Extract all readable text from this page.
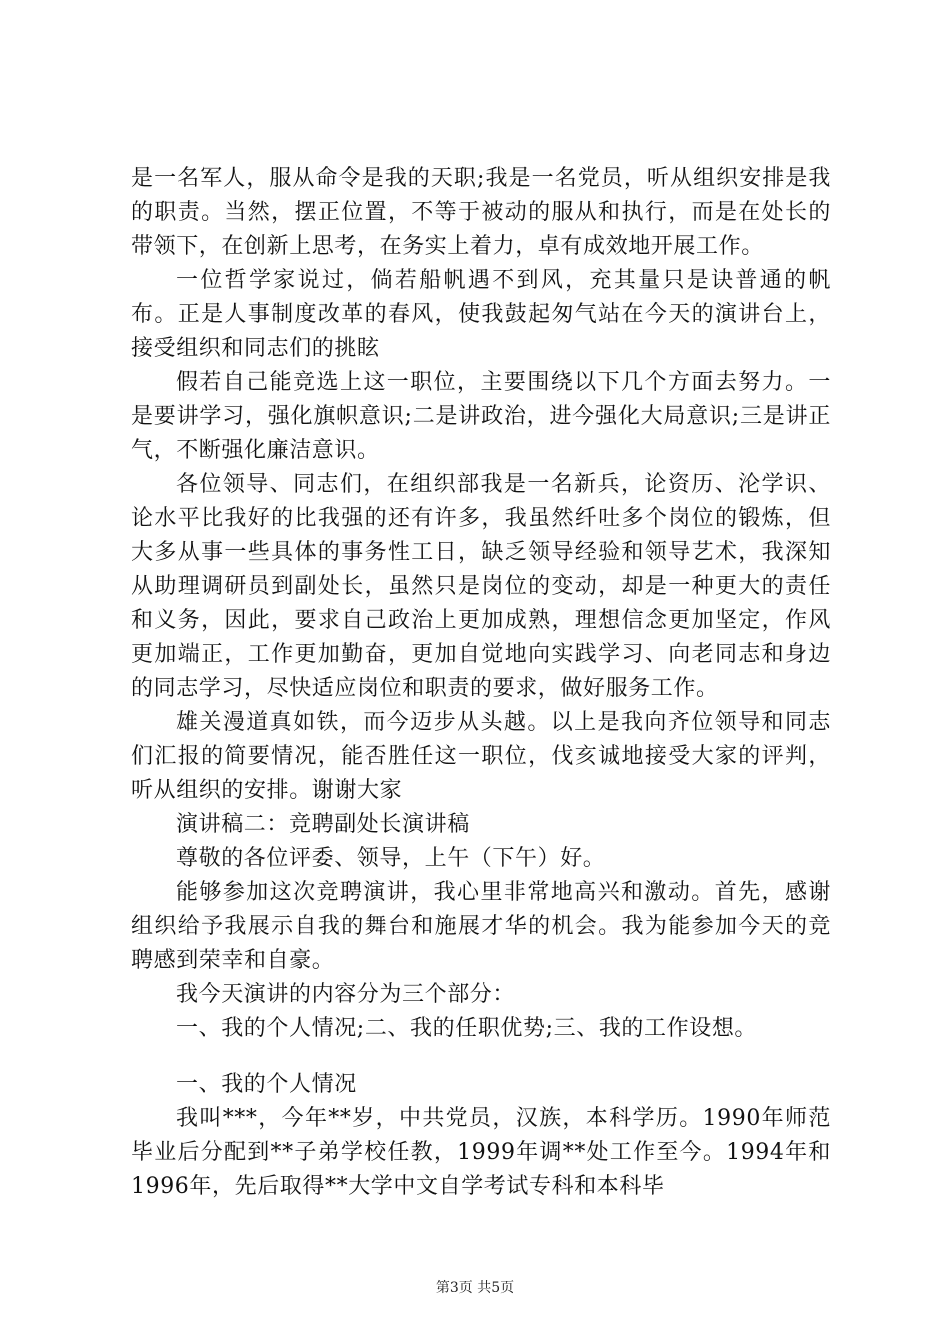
是一名军人，服从命令是我的天职;我是一名党员，听从组织安排是我的职责。当然，摆正位置，不等于被动的服从和执行，而是在处长的带领下，在创新上思考，在务实上着力，卓有成效地开展工作。

一位哲学家说过，倘若船帆遇不到风，充其量只是诀普通的帆布。正是人事制度改革的春风，使我鼓起匆气站在今天的演讲台上，接受组织和同志们的挑眩

假若自己能竞选上这一职位，主要围绕以下几个方面去努力。一是要讲学习，强化旗帜意识;二是讲政治，进今强化大局意识;三是讲正气，不断强化廉洁意识。

各位领导、同志们，在组织部我是一名新兵，论资历、沦学识、论水平比我好的比我强的还有许多，我虽然纤吐多个岗位的锻炼，但大多从事一些具体的事务性工日，缺乏领导经验和领导艺术，我深知从助理调研员到副处长，虽然只是岗位的变动，却是一种更大的责任和义务，因此，要求自己政治上更加成熟，理想信念更加坚定，作风更加端正，工作更加勤奋，更加自觉地向实践学习、向老同志和身边的同志学习，尽快适应岗位和职责的要求，做好服务工作。

雄关漫道真如铁，而今迈步从头越。以上是我向齐位领导和同志们汇报的简要情况，能否胜任这一职位，伐亥诚地接受大家的评判，听从组织的安排。谢谢大家

演讲稿二：竞聘副处长演讲稿

尊敬的各位评委、领导，上午（下午）好。

能够参加这次竞聘演讲，我心里非常地高兴和激动。首先，感谢组织给予我展示自我的舞台和施展才华的机会。我为能参加今天的竞聘感到荣幸和自豪。

我今天演讲的内容分为三个部分：

一、我的个人情况;二、我的任职优势;三、我的工作设想。

一、我的个人情况

我叫***，今年**岁，中共党员，汉族，本科学历。1990年师范毕业后分配到**子弟学校任教，1999年调**处工作至今。1994年和1996年，先后取得**大学中文自学考试专科和本科毕

第3页 共5页
